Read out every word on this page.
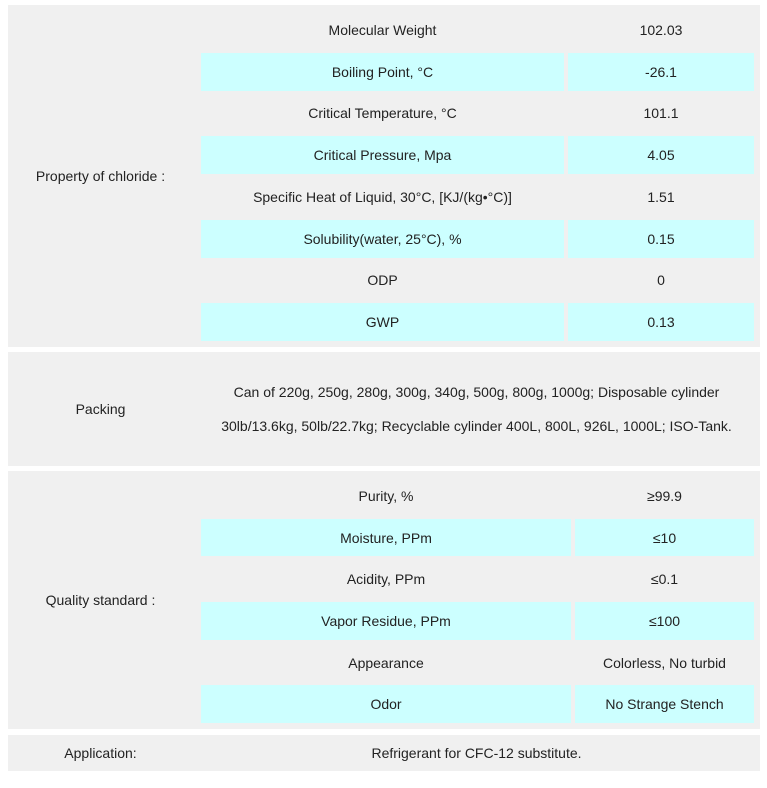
Property of chloride :
Molecular Weight	102.03
Boiling Point, °C	-26.1
Critical Temperature, °C	101.1
Critical Pressure, Mpa	4.05
Specific Heat of Liquid, 30°C, [KJ/(kg•°C)]	1.51
Solubility(water, 25°C), %	0.15
ODP	0
GWP	0.13
Packing
Can of 220g, 250g, 280g, 300g, 340g, 500g, 800g, 1000g; Disposable cylinder 30lb/13.6kg, 50lb/22.7kg; Recyclable cylinder 400L, 800L, 926L, 1000L; ISO-Tank.
Quality standard :
Purity, %	≥99.9
Moisture, PPm	≤10
Acidity, PPm	≤0.1
Vapor Residue, PPm	≤100
Appearance	Colorless, No turbid
Odor	No Strange Stench
Application:	Refrigerant for CFC-12 substitute.
